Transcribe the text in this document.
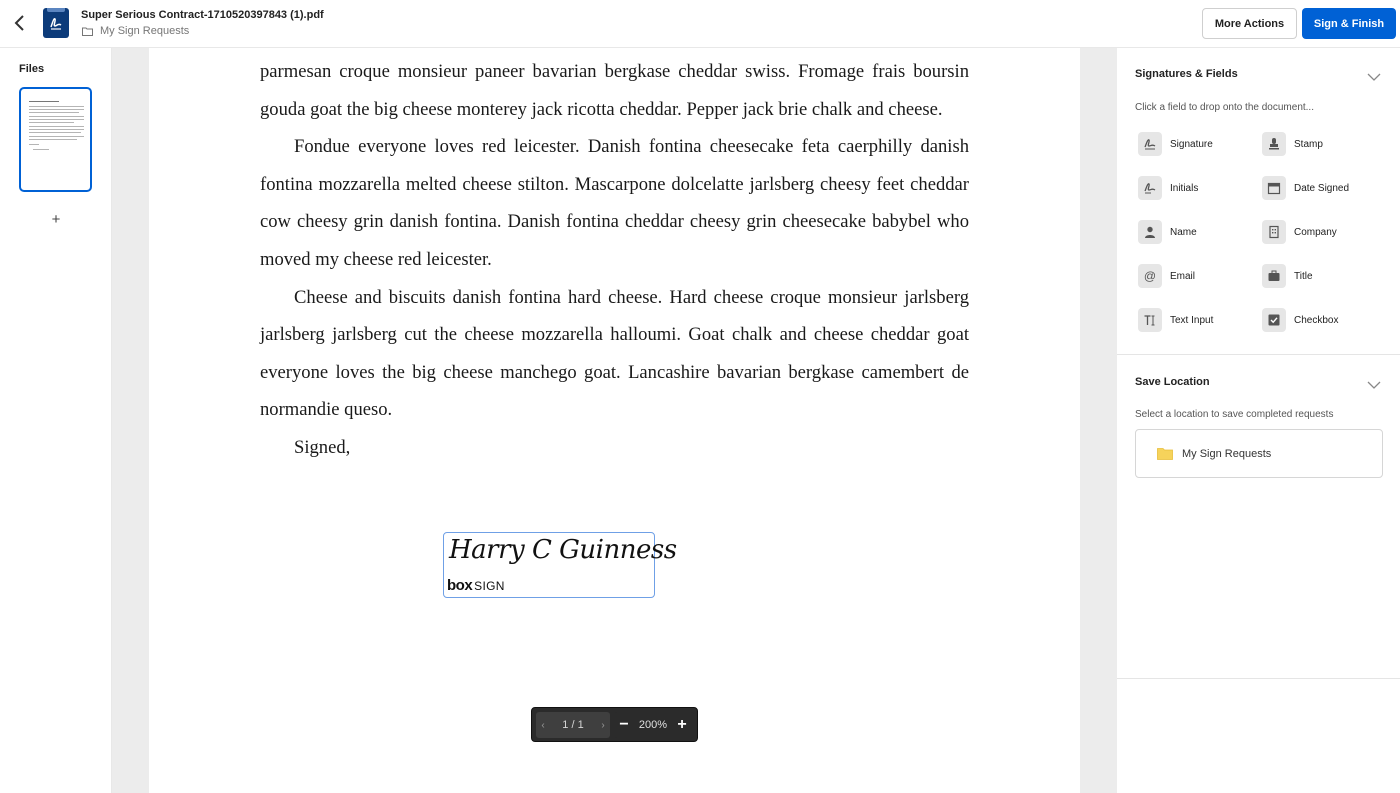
Super Serious Contract-1710520397843 (1).pdf
My Sign Requests
More Actions	Sign & Finish
Files
+

parmesan croque monsieur paneer bavarian bergkase cheddar swiss. Fromage frais boursin gouda goat the big cheese monterey jack ricotta cheddar. Pepper jack brie chalk and cheese.

Fondue everyone loves red leicester. Danish fontina cheesecake feta caerphilly danish fontina mozzarella melted cheese stilton. Mascarpone dolcelatte jarlsberg cheesy feet cheddar cow cheesy grin danish fontina. Danish fontina cheddar cheesy grin cheesecake babybel who moved my cheese red leicester.

Cheese and biscuits danish fontina hard cheese. Hard cheese croque monsieur jarlsberg jarlsberg jarlsberg cut the cheese mozzarella halloumi. Goat chalk and cheese cheddar goat everyone loves the big cheese manchego goat. Lancashire bavarian bergkase camembert de normandie queso.

Signed,

Harry C Guinness
box SIGN
‹	1 / 1	› − 200% +
Signatures & Fields
Click a field to drop onto the document...
Signature	Stamp
Initials	Date Signed
Name	Company
@ Email	Title
Text Input	Checkbox
Save Location
Select a location to save completed requests
My Sign Requests
